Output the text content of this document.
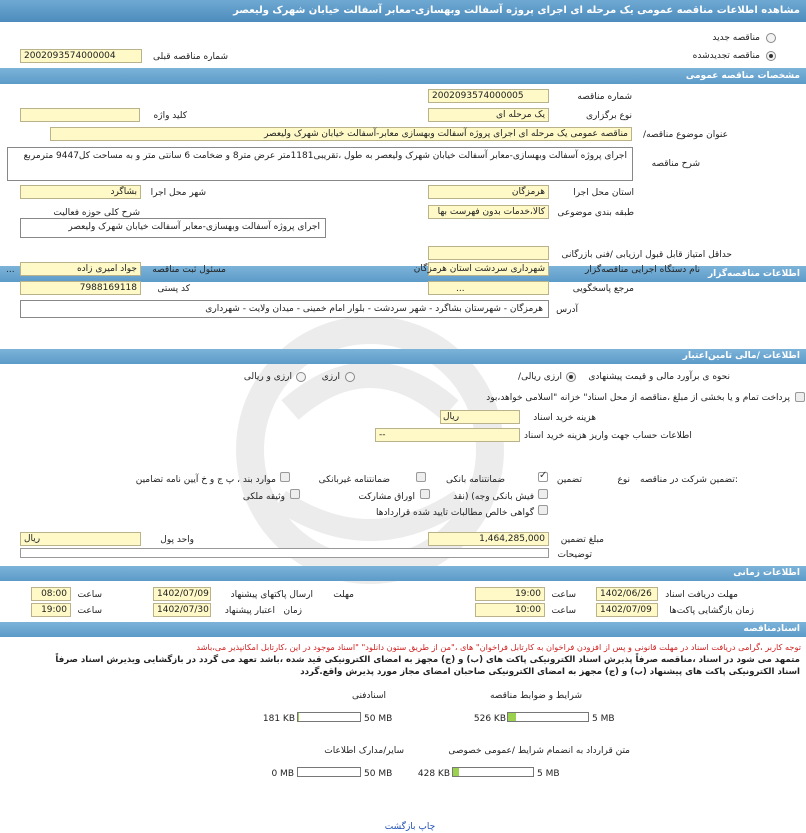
مشاهده اطلاعات مناقصه عمومی یک مرحله ای اجرای پروژه آسفالت وبهسازی-معابر آسفالت خیابان شهرک ولیعصر
مناقصه جدید
مناقصه تجدیدشده
2002093574000004	شماره مناقصه قبلی
مشخصات مناقصه عمومی
2002093574000005	شماره مناقصه
یک مرحله ای	نوع برگزاری
کلید واژه
مناقصه عمومی یک مرحله ای اجرای پروژه آسفالت وبهسازی معابر-آسفالت خیابان شهرک ولیعصر	/عنوان موضوع مناقصه
اجرای پروژه آسفالت وبهسازی-معابر آسفالت خیابان شهرک ولیعصر به طول ،تقریبی1181متر عرض متر8 و ضخامت 6 سانتی متر و به مساحت کل9447 مترمربع
شرح مناقصه
هرمزگان	استان محل اجرا
بشاگرد	شهر محل اجرا
کالا،خدمات بدون فهرست بها	طبقه بندی موضوعی
شرح کلی حوزه فعالیت
اجرای پروژه آسفالت وبهسازی-معابر آسفالت خیابان شهرک ولیعصر
حداقل امتیاز قابل قبول ارزیابی /فنی بازرگانی
اطلاعات مناقصه‌گزار
شهرداری سردشت استان هرمزگان	نام دستگاه اجرایی مناقصه‌گزار
جواد امیری زاده
...	مسئول ثبت مناقصه
...	مرجع پاسخگویی
7988169118	کد پستی
هرمزگان - شهرستان بشاگرد - شهر سردشت - بلوار امام خمینی - میدان ولایت - شهرداری	آدرس
اطلاعات /مالی تامین‌اعتبار
نحوه ی برآورد مالی و قیمت پیشنهادی
/ارزی ریالی
ارزی
ارزی و ریالی
پرداخت تمام و یا بخشی از مبلغ ،مناقصه از محل اسناد" خزانه "اسلامی خواهد،بود
ریال	هزینه خرید اسناد
--	اطلاعات حساب جهت واریز هزینه خرید اسناد
تضمین شرکت در مناقصه:
نوع
✓
تضمین
ضمانتنامه بانکی
ضمانتنامه غیربانکی
موارد بند ، پ ج و خ آیین نامه تضامین
فیش بانکی وجه) (نقد
اوراق مشارکت
وثیقه ملکی
گواهی خالص مطالبات تایید شده قراردادها
1,464,285,000	مبلغ تضمین
ریال	واحد پول
توضیحات
اطلاعات زمانی
1402/06/26	مهلت دریافت اسناد
19:00	ساعت
مهلت
1402/07/09	ارسال پاکتهای پیشنهاد
08:00	ساعت
1402/07/09	زمان بازگشایی پاکت‌ها
10:00	ساعت
زمان
1402/07/30	اعتبار پیشنهاد
19:00	ساعت
اسنادمناقصه
توجه کاربر ،گرامی دریافت اسناد در مهلت قانونی و پس از افزودن فراخوان به کارتابل فراخوان" های ،"من از طریق ستون دانلود" "اسناد موجود در این ،کارتابل امکانپذیر می،باشد
متمهد می شود در اسناد ،مناقصه صرفاً پذیرش اسناد الکترونیکی پاکت های (ب) و (ج) مجهز به امضای الکترونیکی قید شده ،باشد تعهد می گردد در بازگشایی ویذیرش اسناد صرفاً اسناد الکترونیکی پاکت های پیشنهاد (ب) و (ج) مجهز به امضای الکترونیکی صاحبان امضای مجاز مورد پذیرش واقع.گردد
شرایط و ضوابط مناقصه
526 KB	5 MB
اسنادفنی
181 KB	50 MB
متن قرارداد به انضمام شرایط /عمومی خصوصی
428 KB	5 MB
سایر/مدارک اطلاعات
0 MB	50 MB
چاپ بازگشت
